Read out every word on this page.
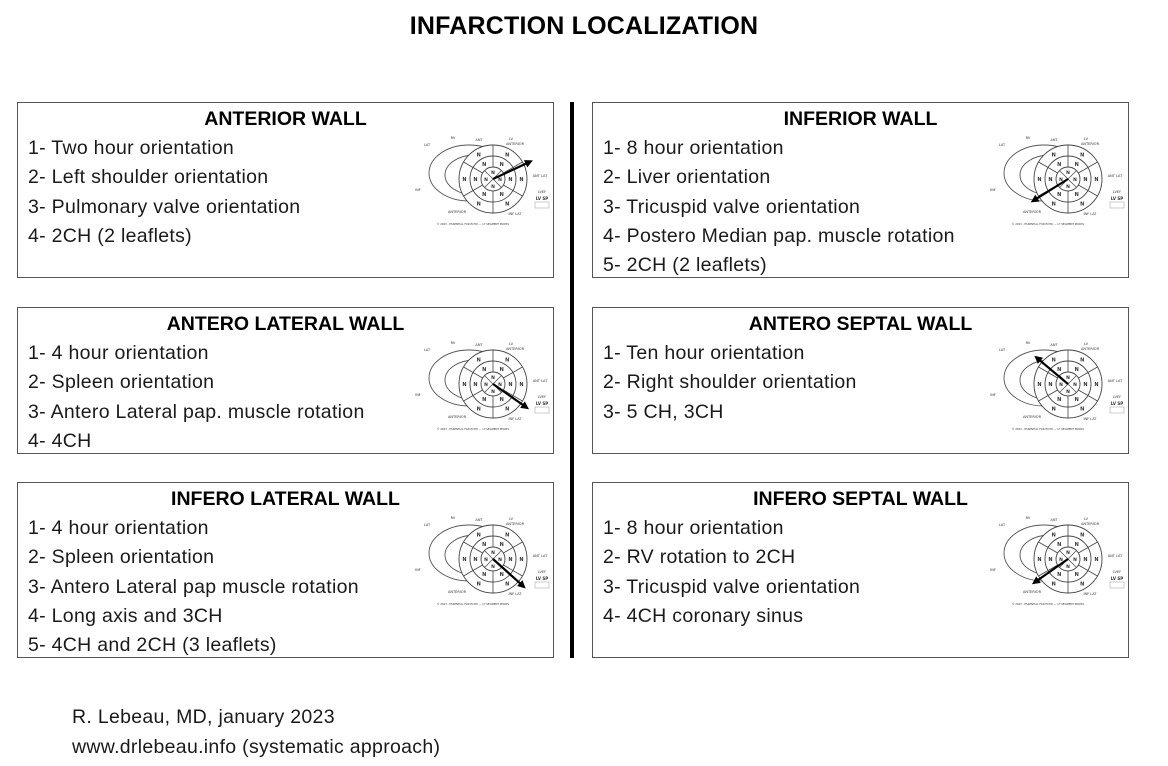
INFARCTION LOCALIZATION
ANTERIOR WALL
1- Two hour orientation
2- Left shoulder orientation
3- Pulmonary valve orientation
4- 2CH (2 leaflets)
N
N
N
N
N
N
N N
N
N
N
N
N
N
N
N
LAT
RV	ANT	LV
ANTERIOR
ANT LAT
INF
ANTERIOR	INF LAT
LVEF
LV SP
© 2023 - ESSENTIAL FOR ECHO — 17 SEGMENT MODEL
ANTERO LATERAL WALL
1- 4 hour orientation
2- Spleen orientation
3- Antero Lateral pap. muscle rotation
4- 4CH
N
N
N
N
N
N
N N
N
N
N
N
N
N
N
N
LAT
RV	ANT	LV
ANTERIOR
ANT LAT
INF
ANTERIOR	INF LAT
LVEF
LV SP
© 2023 - ESSENTIAL FOR ECHO — 17 SEGMENT MODEL
INFERO LATERAL WALL
1- 4 hour orientation
2- Spleen orientation
3- Antero Lateral pap muscle rotation
4- Long axis and 3CH
5- 4CH and 2CH (3 leaflets)
N
N
N
N
N
N
N N
N
N
N
N
N
N
N
N
LAT
RV	ANT	LV
ANTERIOR
ANT LAT
INF
ANTERIOR	INF LAT
LVEF
LV SP
© 2023 - ESSENTIAL FOR ECHO — 17 SEGMENT MODEL
INFERIOR WALL
1- 8 hour orientation
2- Liver orientation
3- Tricuspid valve orientation
4- Postero Median pap. muscle rotation
5- 2CH (2 leaflets)
N
N
N
N
N
N
N N
N
N
N
N
N
N
N
N
LAT
RV	ANT	LV
ANTERIOR
ANT LAT
INF
ANTERIOR	INF LAT
LVEF
LV SP
© 2023 - ESSENTIAL FOR ECHO — 17 SEGMENT MODEL
ANTERO SEPTAL WALL
1- Ten hour orientation
2- Right shoulder orientation
3- 5 CH, 3CH
N
N
N
N
N
N
N N
N
N
N
N
N
N
N
N
LAT
RV	ANT	LV
ANTERIOR
ANT LAT
INF
ANTERIOR	INF LAT
LVEF
LV SP
© 2023 - ESSENTIAL FOR ECHO — 17 SEGMENT MODEL
INFERO SEPTAL WALL
1- 8 hour orientation
2- RV rotation to 2CH
3- Tricuspid valve orientation
4- 4CH coronary sinus
N
N
N
N
N
N
N N
N
N
N
N
N
N
N
N
LAT
RV	ANT	LV
ANTERIOR
ANT LAT
INF
ANTERIOR	INF LAT
LVEF
LV SP
© 2023 - ESSENTIAL FOR ECHO — 17 SEGMENT MODEL
R. Lebeau, MD, january 2023
www.drlebeau.info (systematic approach)
